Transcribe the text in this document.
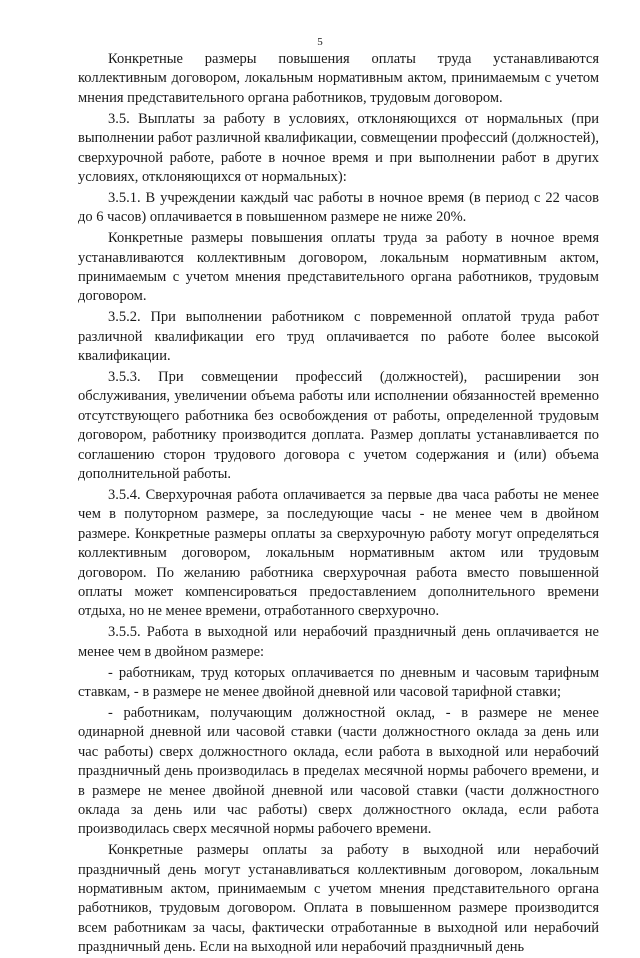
5

Конкретные размеры повышения оплаты труда устанавливаются коллективным договором, локальным нормативным актом, принимаемым с учетом мнения представительного органа работников, трудовым договором.

3.5. Выплаты за работу в условиях, отклоняющихся от нормальных (при выполнении работ различной квалификации, совмещении профессий (должностей), сверхурочной работе, работе в ночное время и при выполнении работ в других условиях, отклоняющихся от нормальных):

3.5.1. В учреждении каждый час работы в ночное время (в период с 22 часов до 6 часов) оплачивается в повышенном размере не ниже 20%.

Конкретные размеры повышения оплаты труда за работу в ночное время устанавливаются коллективным договором, локальным нормативным актом, принимаемым с учетом мнения представительного органа работников, трудовым договором.

3.5.2. При выполнении работником с повременной оплатой труда работ различной квалификации его труд оплачивается по работе более высокой квалификации.

3.5.3. При совмещении профессий (должностей), расширении зон обслуживания, увеличении объема работы или исполнении обязанностей временно отсутствующего работника без освобождения от работы, определенной трудовым договором, работнику производится доплата. Размер доплаты устанавливается по соглашению сторон трудового договора с учетом содержания и (или) объема дополнительной работы.

3.5.4. Сверхурочная работа оплачивается за первые два часа работы не менее чем в полуторном размере, за последующие часы - не менее чем в двойном размере. Конкретные размеры оплаты за сверхурочную работу могут определяться коллективным договором, локальным нормативным актом или трудовым договором. По желанию работника сверхурочная работа вместо повышенной оплаты может компенсироваться предоставлением дополнительного времени отдыха, но не менее времени, отработанного сверхурочно.

3.5.5. Работа в выходной или нерабочий праздничный день оплачивается не менее чем в двойном размере:

- работникам, труд которых оплачивается по дневным и часовым тарифным ставкам, - в размере не менее двойной дневной или часовой тарифной ставки;

- работникам, получающим должностной оклад, - в размере не менее одинарной дневной или часовой ставки (части должностного оклада за день или час работы) сверх должностного оклада, если работа в выходной или нерабочий праздничный день производилась в пределах месячной нормы рабочего времени, и в размере не менее двойной дневной или часовой ставки (части должностного оклада за день или час работы) сверх должностного оклада, если работа производилась сверх месячной нормы рабочего времени.

Конкретные размеры оплаты за работу в выходной или нерабочий праздничный день могут устанавливаться коллективным договором, локальным нормативным актом, принимаемым с учетом мнения представительного органа работников, трудовым договором. Оплата в повышенном размере производится всем работникам за часы, фактически отработанные в выходной или нерабочий праздничный день. Если на выходной или нерабочий праздничный день
